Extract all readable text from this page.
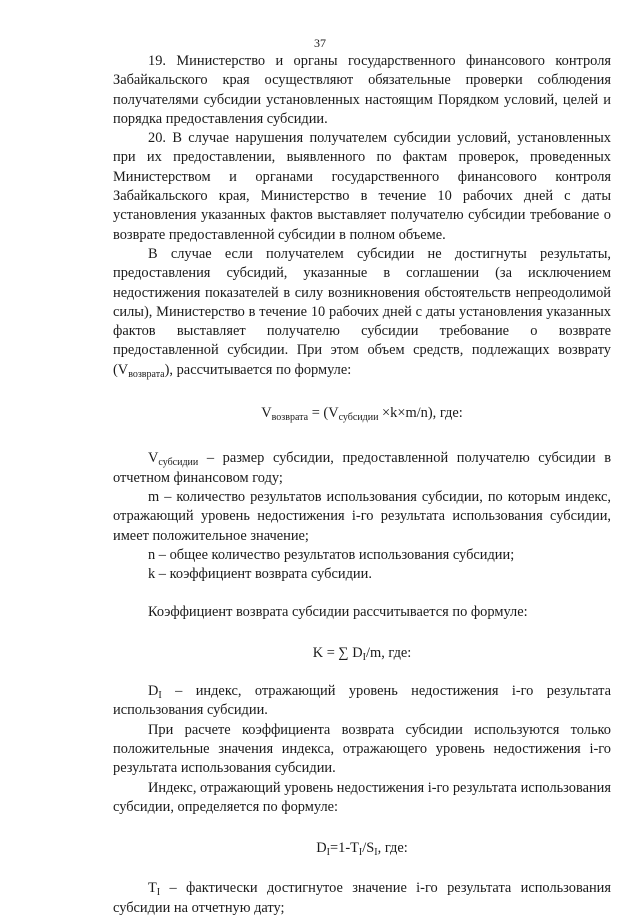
37

19. Министерство и органы государственного финансового контроля Забайкальского края осуществляют обязательные проверки соблюдения получателями субсидии установленных настоящим Порядком условий, целей и порядка предоставления субсидии.

20. В случае нарушения получателем субсидии условий, установленных при их предоставлении, выявленного по фактам проверок, проведенных Министерством и органами государственного финансового контроля Забайкальского края, Министерство в течение 10 рабочих дней с даты установления указанных фактов выставляет получателю субсидии требование о возврате предоставленной субсидии в полном объеме.

В случае если получателем субсидии не достигнуты результаты, предоставления субсидий, указанные в соглашении (за исключением недостижения показателей в силу возникновения обстоятельств непреодолимой силы), Министерство в течение 10 рабочих дней с даты установления указанных фактов выставляет получателю субсидии требование о возврате предоставленной субсидии. При этом объем средств, подлежащих возврату $(V_{возврата})$, рассчитывается по формуле:

$V_{возврата} = (V_{субсидии} \times k\times m/n)$, где:

$V_{субсидии}$ – размер субсидии, предоставленной получателю субсидии в отчетном финансовом году;

m – количество результатов использования субсидии, по которым индекс, отражающий уровень недостижения i-го результата использования субсидии, имеет положительное значение;

n – общее количество результатов использования субсидии;

k – коэффициент возврата субсидии.

Коэффициент возврата субсидии рассчитывается по формуле:

K = ∑ $D_I/m$, где:

$D_I$ – индекс, отражающий уровень недостижения i-го результата использования субсидии.

При расчете коэффициента возврата субсидии используются только положительные значения индекса, отражающего уровень недостижения i-го результата использования субсидии.

Индекс, отражающий уровень недостижения i-го результата использования субсидии, определяется по формуле:

$D_I=1-T_I/S_I$, где:

$T_I$ – фактически достигнутое значение i-го результата использования субсидии на отчетную дату;
